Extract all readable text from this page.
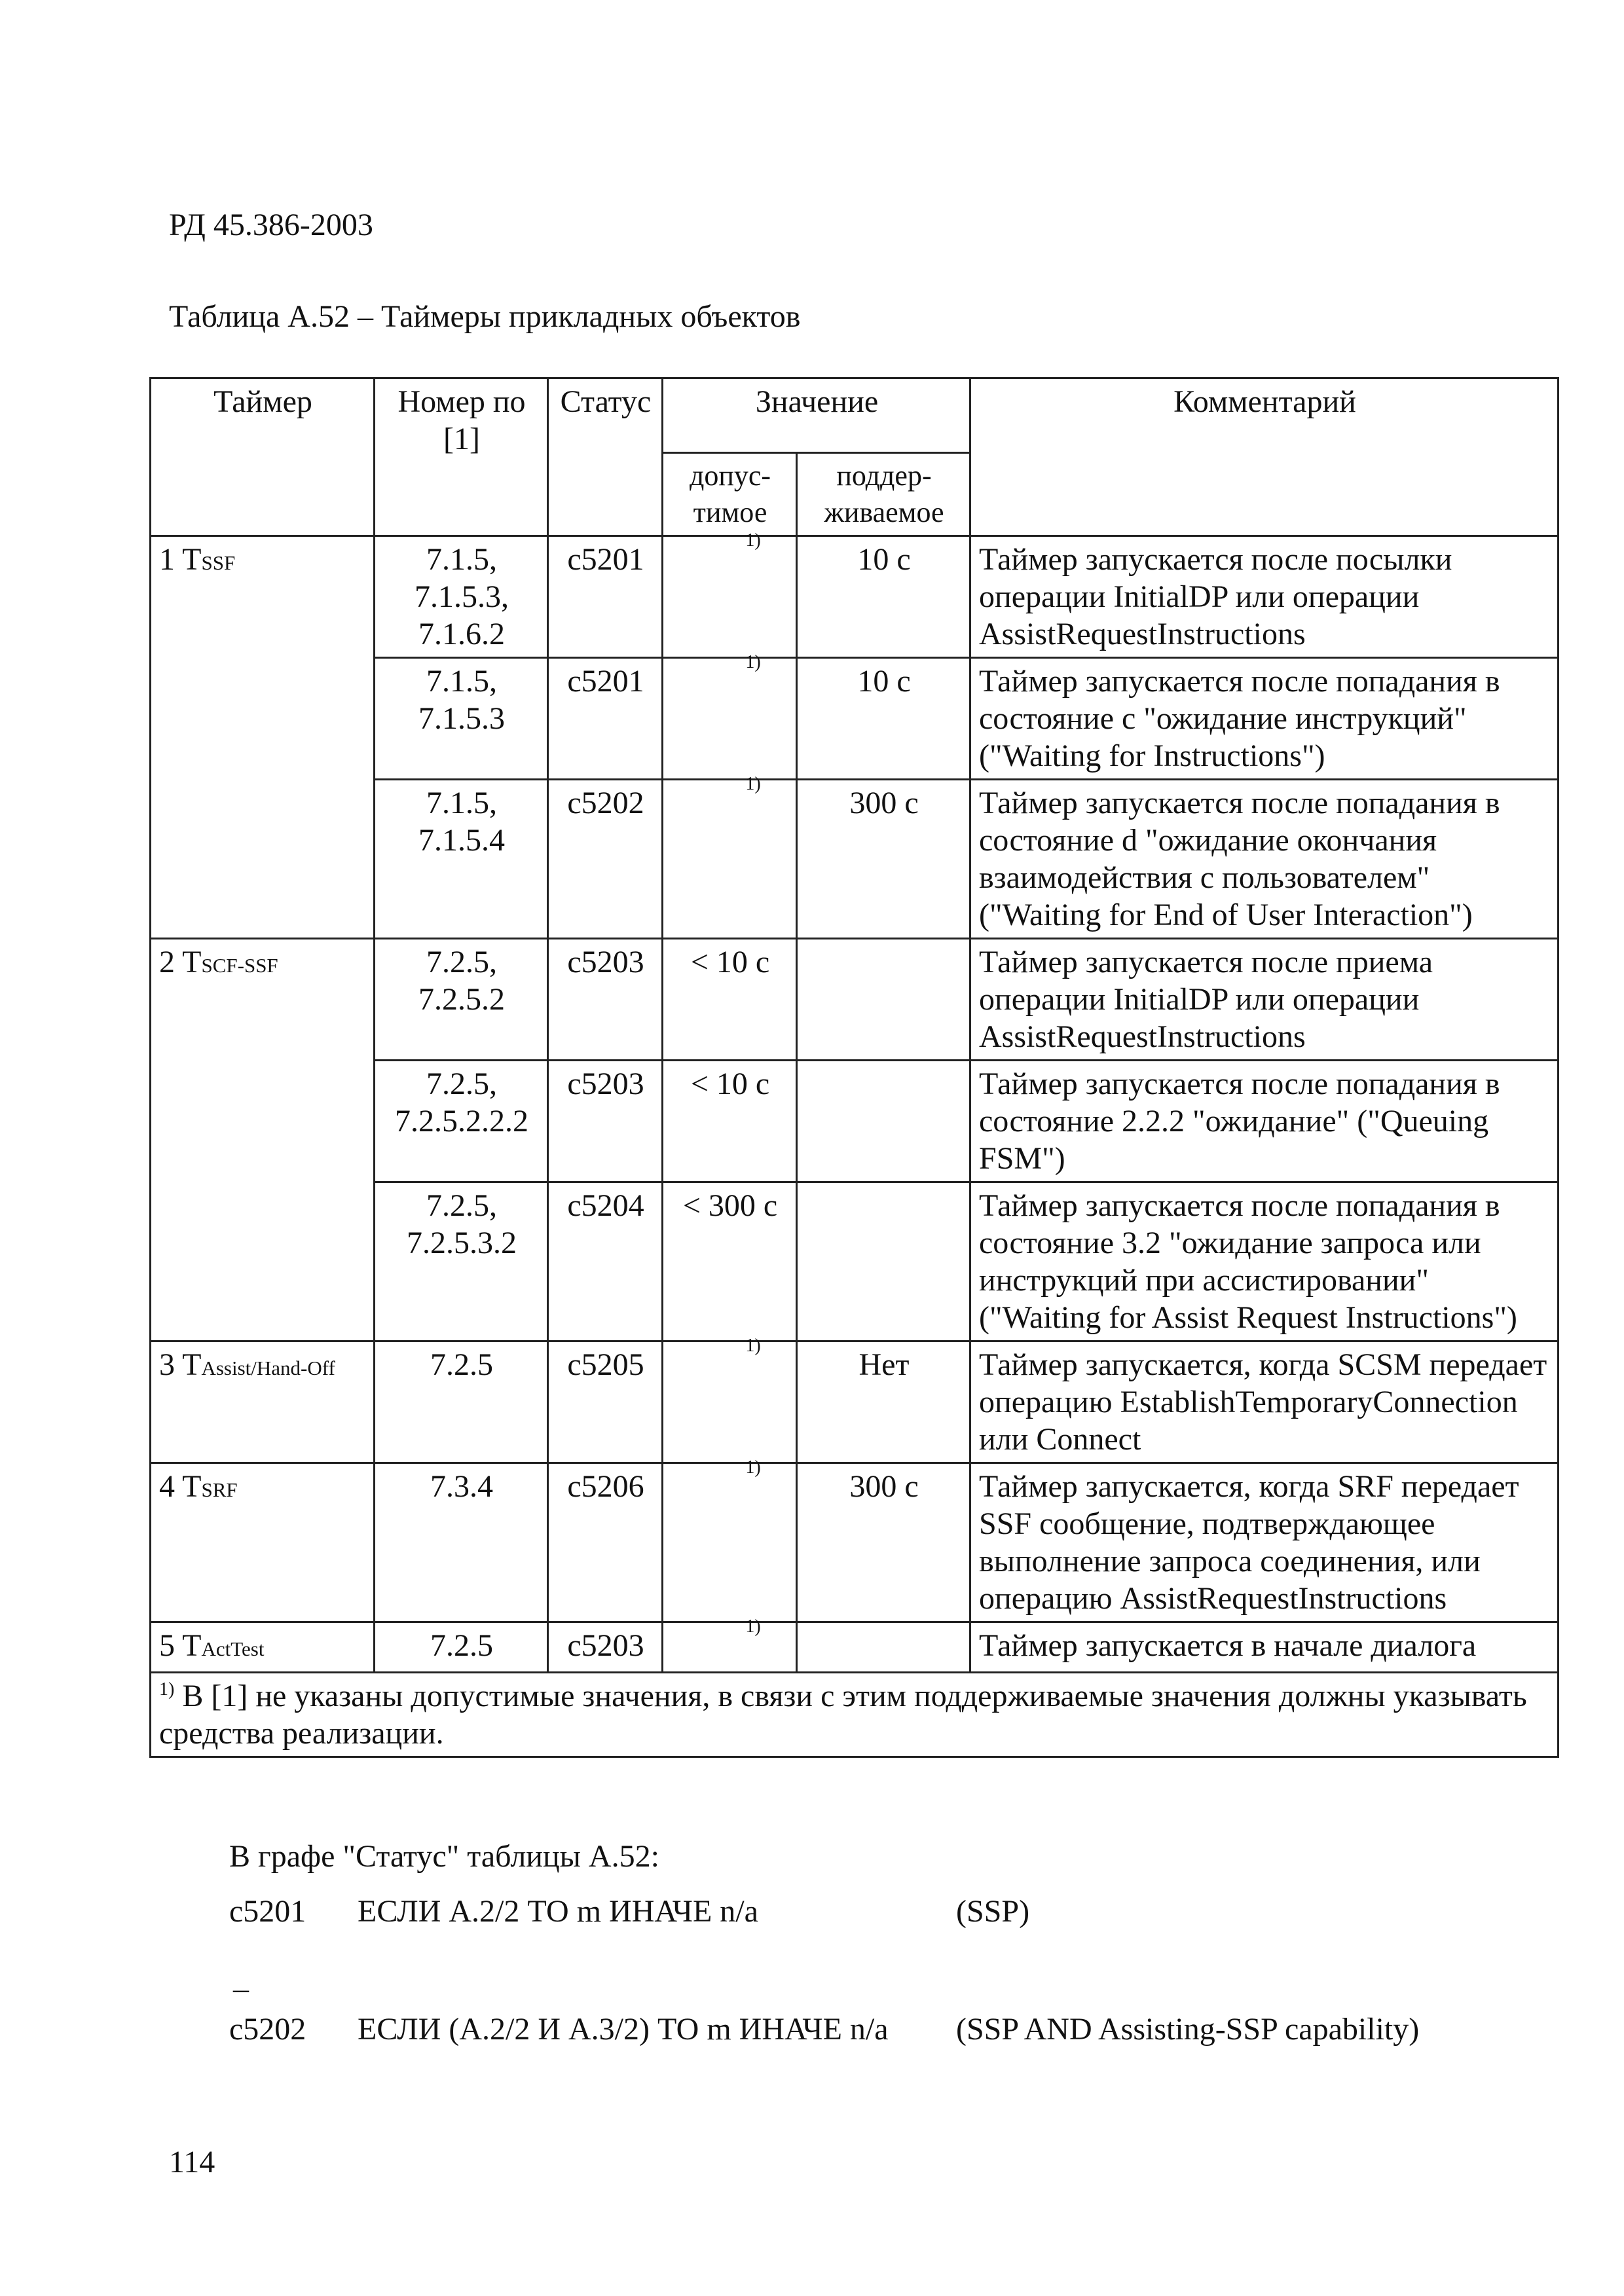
РД 45.386-2003
Таблица А.52 – Таймеры прикладных объектов
Таймер	Номер по [1]	Статус	Значение		Комментарий
			допус-тимое	поддер-живаемое	
1 TSSF	7.1.5, 7.1.5.3, 7.1.6.2	c5201	1)	10 с	Таймер запускается после посылки операции InitialDP или операции AssistRequestInstructions
	7.1.5, 7.1.5.3	c5201	1)	10 с	Таймер запускается после попадания в состояние с "ожидание инструкций" ("Waiting for Instructions")
	7.1.5, 7.1.5.4	c5202	1)	300 с	Таймер запускается после попадания в состояние d "ожидание окончания взаимодействия с пользователем" ("Waiting for End of User Interaction")
2 TSCF-SSF	7.2.5, 7.2.5.2	c5203	< 10 с		Таймер запускается после приема операции InitialDP или операции AssistRequestInstructions
	7.2.5, 7.2.5.2.2.2	c5203	< 10 с		Таймер запускается после попадания в состояние 2.2.2 "ожидание" ("Queuing FSM")
	7.2.5, 7.2.5.3.2	c5204	< 300 с		Таймер запускается после попадания в состояние 3.2 "ожидание запроса или инструкций при ассистировании" ("Waiting for Assist Request Instructions")
3 TAssist/Hand-Off	7.2.5	c5205	1)	Нет	Таймер запускается, когда SCSM передает операцию EstablishTemporaryConnection или Connect
4 TSRF	7.3.4	c5206	1)	300 с	Таймер запускается, когда SRF передает SSF сообщение, подтверждающее выполнение запроса соединения, или операцию AssistRequestInstructions
5 TActTest	7.2.5	c5203	1)		Таймер запускается в начале диалога
$^{1)}$ В [1] не указаны допустимые значения, в связи с этим поддерживаемые значения должны указывать средства реализации.					
В графе "Статус" таблицы А.52:
c5201 ЕСЛИ А.2/2 ТО m ИНАЧЕ n/a	(SSP)
–
c5202 ЕСЛИ (А.2/2 И А.3/2) ТО m ИНАЧЕ n/a (SSP AND Assisting-SSP capability)
114
